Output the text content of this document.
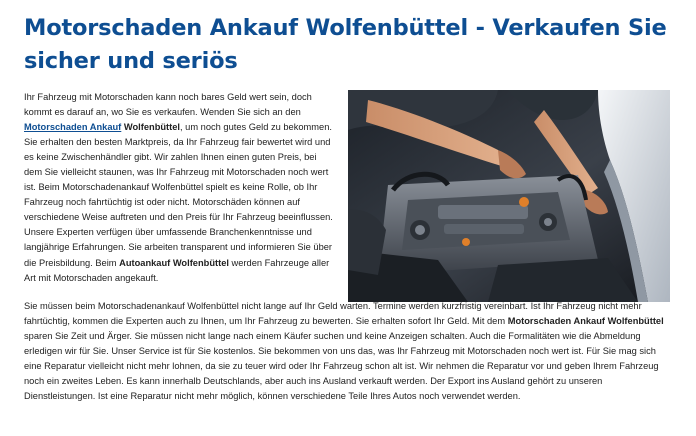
Motorschaden Ankauf Wolfenbüttel - Verkaufen Sie sicher und seriös

Ihr Fahrzeug mit Motorschaden kann noch bares Geld wert sein, doch kommt es darauf an, wo Sie es verkaufen. Wenden Sie sich an den Motorschaden Ankauf Wolfenbüttel, um noch gutes Geld zu bekommen. Sie erhalten den besten Marktpreis, da Ihr Fahrzeug fair bewertet wird und es keine Zwischenhändler gibt. Wir zahlen Ihnen einen guten Preis, bei dem Sie vielleicht staunen, was Ihr Fahrzeug mit Motorschaden noch wert ist. Beim Motorschadenankauf Wolfenbüttel spielt es keine Rolle, ob Ihr Fahrzeug noch fahrtüchtig ist oder nicht. Motorschäden können auf verschiedene Weise auftreten und den Preis für Ihr Fahrzeug beeinflussen. Unsere Experten verfügen über umfassende Branchenkenntnisse und langjährige Erfahrungen. Sie arbeiten transparent und informieren Sie über die Preisbildung. Beim Autoankauf Wolfenbüttel werden Fahrzeuge aller Art mit Motorschaden angekauft.

Sie müssen beim Motorschadenankauf Wolfenbüttel nicht lange auf Ihr Geld warten. Termine werden kurzfristig vereinbart. Ist Ihr Fahrzeug nicht mehr fahrtüchtig, kommen die Experten auch zu Ihnen, um Ihr Fahrzeug zu bewerten. Sie erhalten sofort Ihr Geld. Mit dem Motorschaden Ankauf Wolfenbüttel sparen Sie Zeit und Ärger. Sie müssen nicht lange nach einem Käufer suchen und keine Anzeigen schalten. Auch die Formalitäten wie die Abmeldung erledigen wir für Sie. Unser Service ist für Sie kostenlos. Sie bekommen von uns das, was Ihr Fahrzeug mit Motorschaden noch wert ist. Für Sie mag sich eine Reparatur vielleicht nicht mehr lohnen, da sie zu teuer wird oder Ihr Fahrzeug schon alt ist. Wir nehmen die Reparatur vor und geben Ihrem Fahrzeug noch ein zweites Leben. Es kann innerhalb Deutschlands, aber auch ins Ausland verkauft werden. Der Export ins Ausland gehört zu unseren Dienstleistungen. Ist eine Reparatur nicht mehr möglich, können verschiedene Teile Ihres Autos noch verwendet werden.
